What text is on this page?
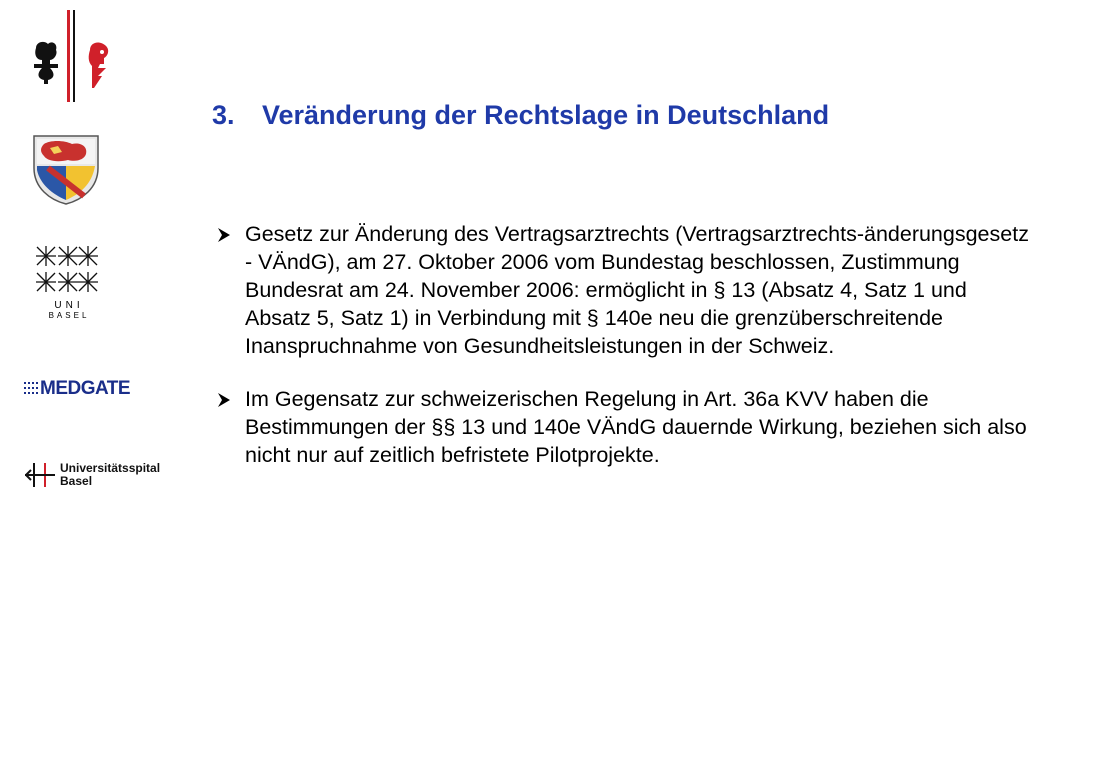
UNI
BASEL
MEDGATE
Universitätsspital
Basel
3. Veränderung der Rechtslage in Deutschland
Gesetz zur Änderung des Vertragsarztrechts (Vertragsarztrechts-änderungsgesetz - VÄndG), am 27. Oktober 2006 vom Bundestag beschlossen, Zustimmung Bundesrat am 24. November 2006: ermöglicht in § 13 (Absatz 4, Satz 1 und Absatz 5, Satz 1) in Verbindung mit § 140e neu die grenzüberschreitende Inanspruchnahme von Gesundheitsleistungen in der Schweiz.
Im Gegensatz zur schweizerischen Regelung in Art. 36a KVV haben die Bestimmungen der §§ 13 und 140e VÄndG dauernde Wirkung, beziehen sich also nicht nur auf zeitlich befristete Pilotprojekte.
